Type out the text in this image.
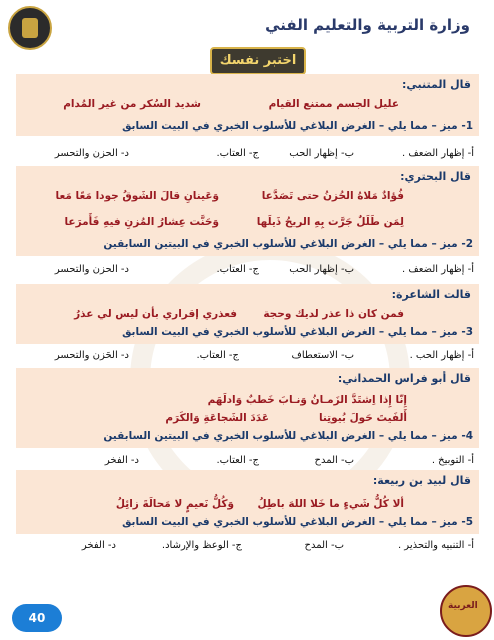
وزارة التربية والتعليم الفني
اختبر نفسك
قال المتنبي:
عليل الجسم ممتنع القيام
شديد السُكر من غير المُدام
1- ميز – مما يلي – الغرض البلاغي للأسلوب الخبري في البيت السابق
أ- إظهار الضعف .
ب- إظهار الحب
ج- العتاب.
د- الحزن والتحسر
قال البحتري:
فُؤادٌ مَلاهُ الحُزنُ حتى تَصَدَّعا
وَعَينانِ قالَ الشَوقُ جودا مَعًا مَعا
لِمَن طَلَلٌ جَرَّت بِهِ الريحُ ذَيلَها
وَحَنَّت عِشارُ المُزنِ فيهِ فَأَمرَعا
2- ميز – مما يلي – الغرض البلاغي للأسلوب الخبري في البيتين السابقين
أ- إظهار الضعف .
ب- إظهار الحب
ج- العتاب.
د- الحزن والتحسر
قالت الشاعرة:
فمن كان ذا عذر لديك وحجة
فعذري إقراري بأن ليس لي عذرُ
3- ميز – مما يلي – الغرض البلاغي للأسلوب الخبري في البيت السابق
أ- إظهار الحب .
ب- الاستعطاف
ج- العتاب.
د- الحَزن والتحسر
قال أبو فراس الحمداني:
إِنّا إِذا اِشتَدَّ الزَمـانُ وَنـابَ خَطبٌ وَادلَهَم
أَلفَيتَ حَولَ بُيوتِنا
عَدَدَ الشَجاعَةِ وَالكَرَم
4- ميز – مما يلي – الغرض البلاغي للأسلوب الخبري في البيتين السابقين
أ- التوبيخ .
ب- المدح
ج- العتاب.
د- الفخر
قال لبيد بن ربيعة:
ألا كُلُّ شَيءٍ ما خَلا اللهَ باطِلُ
وَكُلُّ نَعيمٍ لا مَحالَةَ زائِلُ
5- ميز – مما يلي – الغرض البلاغي للأسلوب الخبري في البيت السابق
أ- التنبيه والتحذير .
ب- المدح
ج- الوعظ والإرشاد.
د- الفخر
40
العربية
